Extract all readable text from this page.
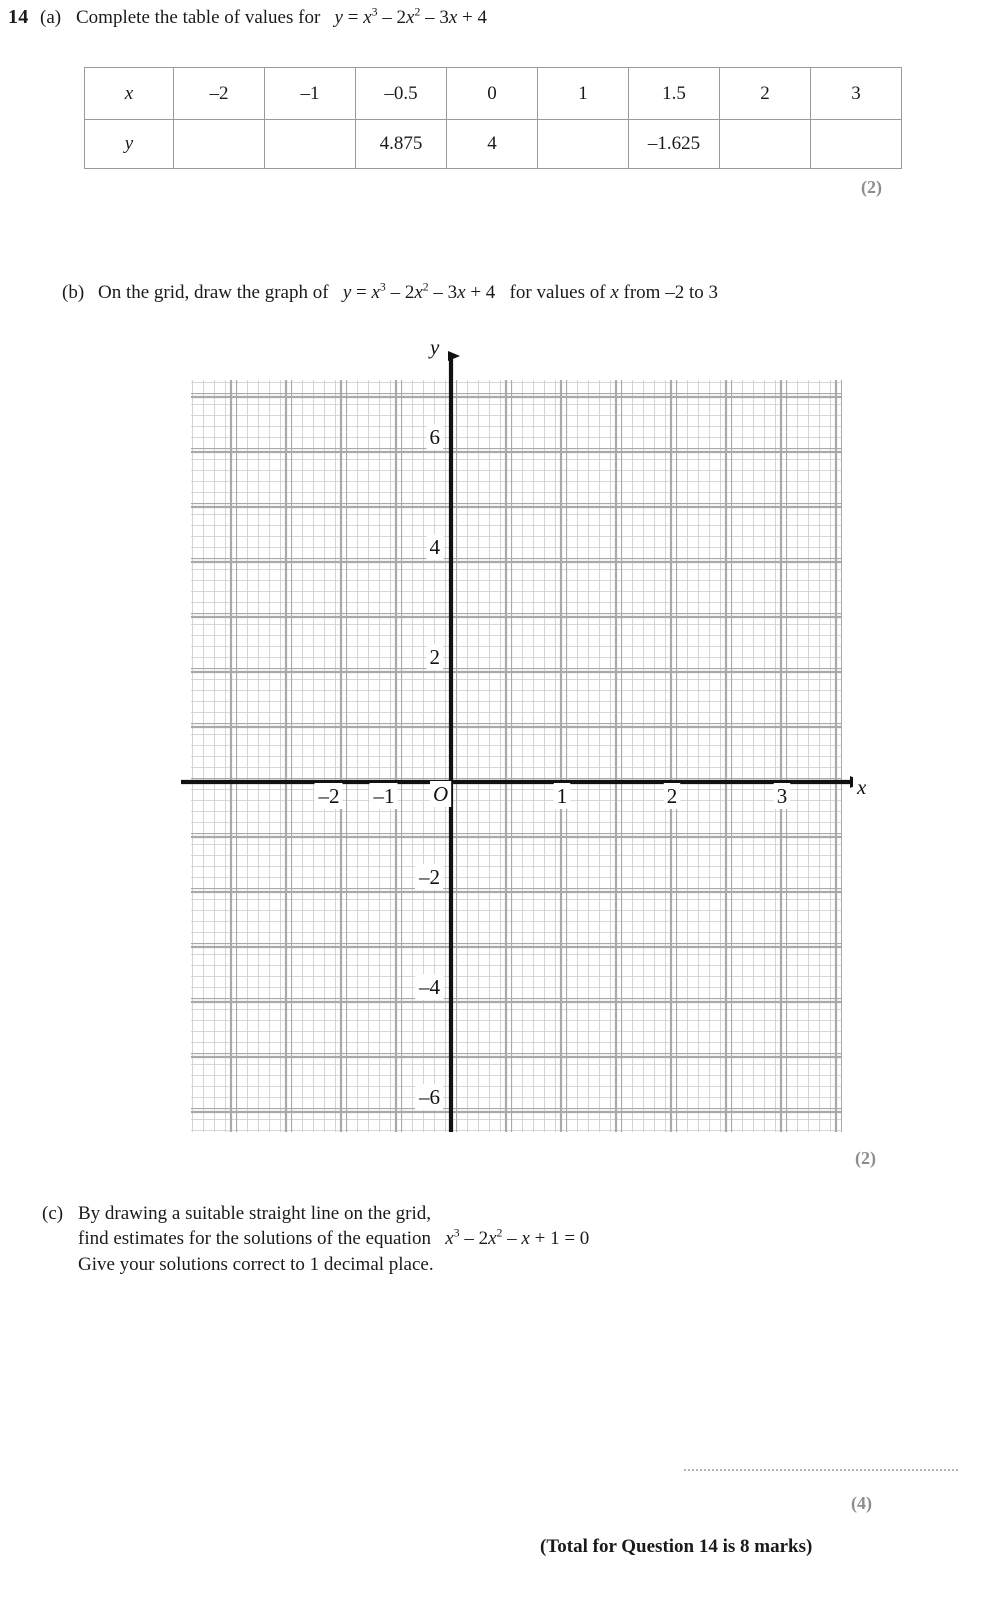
14 (a) Complete the table of values for $y = x^3 - 2x^2 - 3x + 4$
x	–2	–1	–0.5	0	1	1.5	2	3
y			4.875	4		–1.625		
(2)
(b) On the grid, draw the graph of $y = x^3 - 2x^2 - 3x + 4$   for values of x from –2 to 3
y
x
O
–2 –1	1	2	3
6
4
2
–2
–4
–6
(2)
(c) By drawing a suitable straight line on the grid,
find estimates for the solutions of the equation $x^3 - 2x^2 - x + 1 = 0$
Give your solutions correct to 1 decimal place.
(4)
(Total for Question 14 is 8 marks)
